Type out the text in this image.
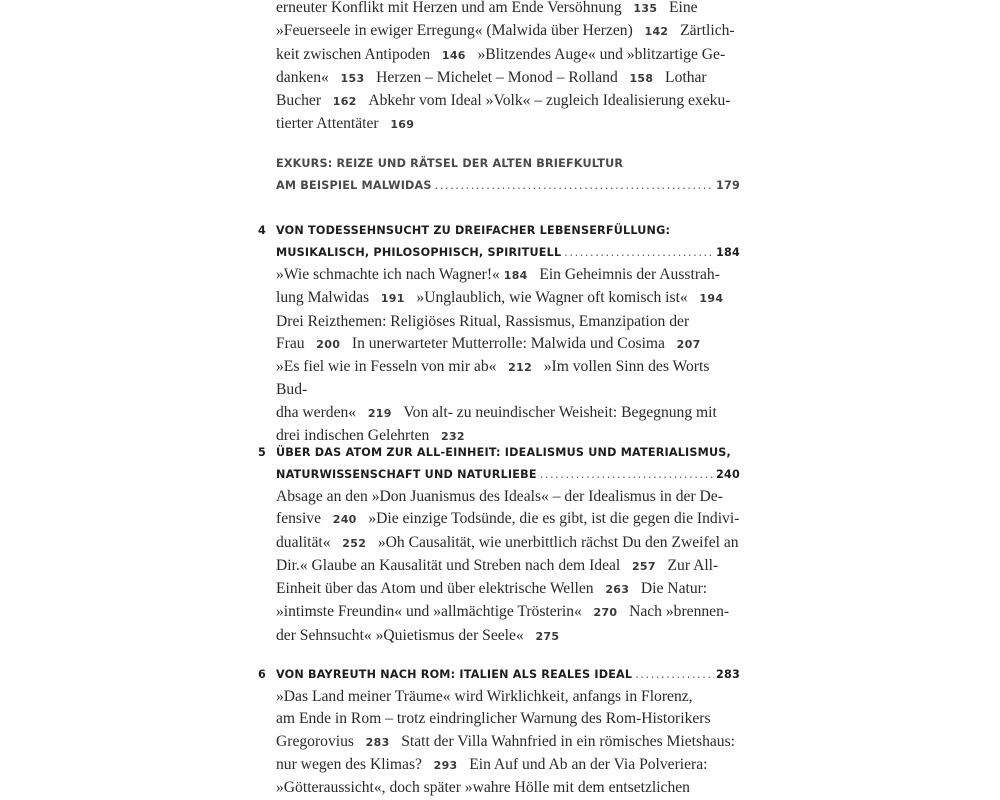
erneuter Konflikt mit Herzen und am Ende Versöhnung 135 Eine
»Feuerseele in ewiger Erregung« (Malwida über Herzen) 142 Zärtlich-
keit zwischen Antipoden 146 »Blitzendes Auge« und »blitzartige Ge-
danken« 153 Herzen – Michelet – Monod – Rolland 158 Lothar
Bucher 162 Abkehr vom Ideal »Volk« – zugleich Idealisierung exeku-
tierter Attentäter 169
EXKURS: REIZE UND RÄTSEL DER ALTEN BRIEFKULTUR
AM BEISPIEL MALWIDAS .....	179
4 VON TODESSEHNSUCHT ZU DREIFACHER LEBENSERFÜLLUNG:
MUSIKALISCH, PHILOSOPHISCH, SPIRITUELL .....	184
»Wie schmachte ich nach Wagner!« 184 Ein Geheimnis der Ausstrah-
lung Malwidas 191 »Unglaublich, wie Wagner oft komisch ist« 194
Drei Reizthemen: Religiöses Ritual, Rassismus, Emanzipation der
Frau 200 In unerwarteter Mutterrolle: Malwida und Cosima 207
»Es fiel wie in Fesseln von mir ab« 212 »Im vollen Sinn des Worts Bud-
dha werden« 219 Von alt- zu neuindischer Weisheit: Begegnung mit
drei indischen Gelehrten 232
5 ÜBER DAS ATOM ZUR ALL-EINHEIT: IDEALISMUS UND MATERIALISMUS,
NATURWISSENSCHAFT UND NATURLIEBE .....	240
Absage an den »Don Juanismus des Ideals« – der Idealismus in der De-
fensive 240 »Die einzige Todsünde, die es gibt, ist die gegen die Indivi-
dualität« 252 »Oh Causalität, wie unerbittlich rächst Du den Zweifel an
Dir.« Glaube an Kausalität und Streben nach dem Ideal 257 Zur All-
Einheit über das Atom und über elektrische Wellen 263 Die Natur:
»intimste Freundin« und »allmächtige Trösterin« 270 Nach »brennen-
der Sehnsucht« »Quietismus der Seele« 275
6 VON BAYREUTH NACH ROM: ITALIEN ALS REALES IDEAL .....	283
»Das Land meiner Träume« wird Wirklichkeit, anfangs in Florenz,
am Ende in Rom – trotz eindringlicher Warnung des Rom-Historikers
Gregorovius 283 Statt der Villa Wahnfried in ein römisches Mietshaus:
nur wegen des Klimas? 293 Ein Auf und Ab an der Via Polveriera:
»Götteraussicht«, doch später »wahre Hölle mit dem entsetzlichen
